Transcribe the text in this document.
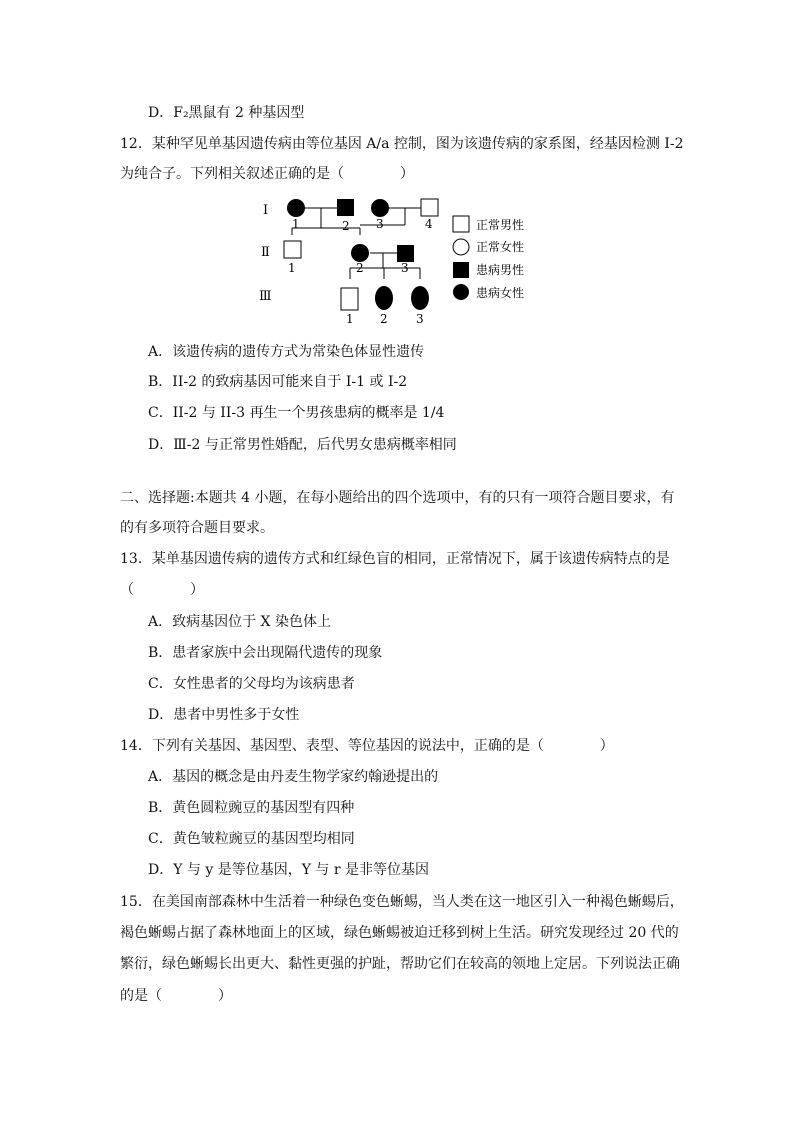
D．F₂黑鼠有 2 种基因型
12．某种罕见单基因遗传病由等位基因 A/a 控制，图为该遗传病的家系图，经基因检测 I-2
为纯合子。下列相关叙述正确的是（　　　　）
I
Ⅱ
Ⅲ
1	2 3	4
1	2	3
1 2 3
正常男性
正常女性
患病男性
患病女性
A．该遗传病的遗传方式为常染色体显性遗传
B．II-2 的致病基因可能来自于 I-1 或 I-2
C．II-2 与 II-3 再生一个男孩患病的概率是 1/4
D．Ⅲ-2 与正常男性婚配，后代男女患病概率相同
二、选择题:本题共 4 小题，在每小题给出的四个选项中，有的只有一项符合题目要求，有
的有多项符合题目要求。
13．某单基因遗传病的遗传方式和红绿色盲的相同，正常情况下，属于该遗传病特点的是
（　　　　）
A．致病基因位于 X 染色体上
B．患者家族中会出现隔代遗传的现象
C．女性患者的父母均为该病患者
D．患者中男性多于女性
14．下列有关基因、基因型、表型、等位基因的说法中，正确的是（　　　　）
A．基因的概念是由丹麦生物学家约翰逊提出的
B．黄色圆粒豌豆的基因型有四种
C．黄色皱粒豌豆的基因型均相同
D．Y 与 y 是等位基因，Y 与 r 是非等位基因
15．在美国南部森林中生活着一种绿色变色蜥蜴，当人类在这一地区引入一种褐色蜥蜴后，
褐色蜥蜴占据了森林地面上的区域，绿色蜥蜴被迫迁移到树上生活。研究发现经过 20 代的
繁衍，绿色蜥蜴长出更大、黏性更强的护趾，帮助它们在较高的领地上定居。下列说法正确
的是（　　　　）
